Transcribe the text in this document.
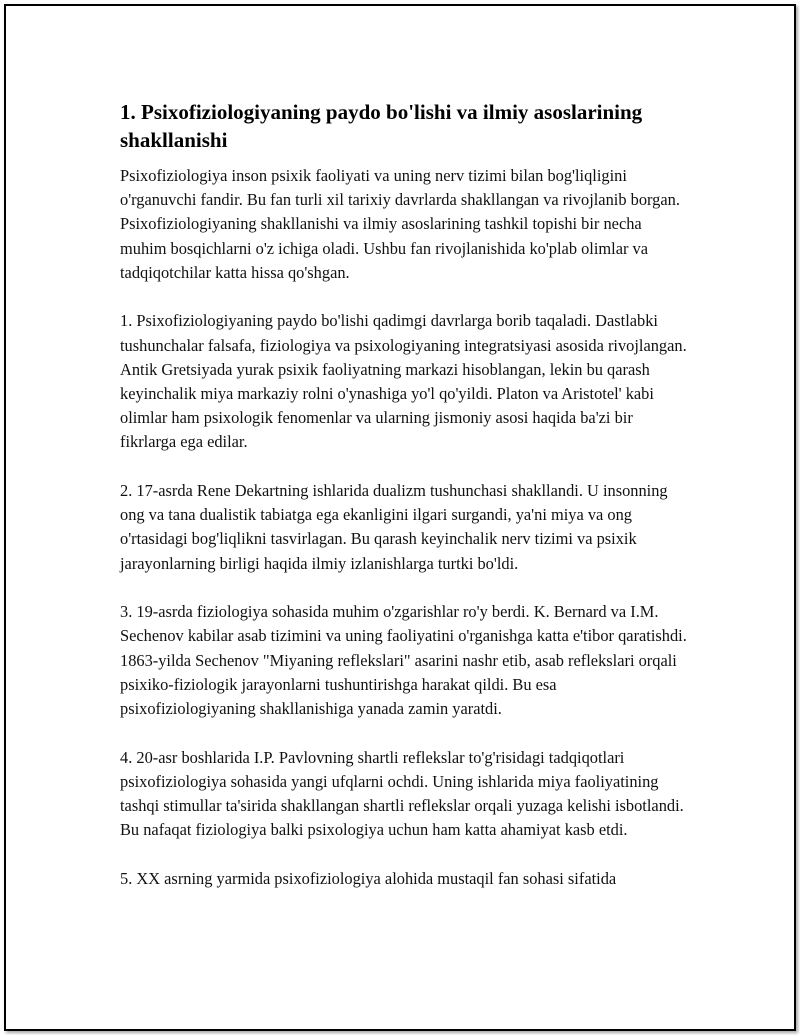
1. Psixofiziologiyaning paydo bo'lishi va ilmiy asoslarining shakllanishi

Psixofiziologiya inson psixik faoliyati va uning nerv tizimi bilan bog'liqligini o'rganuvchi fandir. Bu fan turli xil tarixiy davrlarda shakllangan va rivojlanib borgan. Psixofiziologiyaning shakllanishi va ilmiy asoslarining tashkil topishi bir necha muhim bosqichlarni o'z ichiga oladi. Ushbu fan rivojlanishida ko'plab olimlar va tadqiqotchilar katta hissa qo'shgan.

1. Psixofiziologiyaning paydo bo'lishi qadimgi davrlarga borib taqaladi. Dastlabki tushunchalar falsafa, fiziologiya va psixologiyaning integratsiyasi asosida rivojlangan. Antik Gretsiyada yurak psixik faoliyatning markazi hisoblangan, lekin bu qarash keyinchalik miya markaziy rolni o'ynashiga yo'l qo'yildi. Platon va Aristotel' kabi olimlar ham psixologik fenomenlar va ularning jismoniy asosi haqida ba'zi bir fikrlarga ega edilar.

2. 17-asrda Rene Dekartning ishlarida dualizm tushunchasi shakllandi. U insonning ong va tana dualistik tabiatga ega ekanligini ilgari surgandi, ya'ni miya va ong o'rtasidagi bog'liqlikni tasvirlagan. Bu qarash keyinchalik nerv tizimi va psixik jarayonlarning birligi haqida ilmiy izlanishlarga turtki bo'ldi.

3. 19-asrda fiziologiya sohasida muhim o'zgarishlar ro'y berdi. K. Bernard va I.M. Sechenov kabilar asab tizimini va uning faoliyatini o'rganishga katta e'tibor qaratishdi. 1863-yilda Sechenov "Miyaning reflekslari" asarini nashr etib, asab reflekslari orqali psixiko-fiziologik jarayonlarni tushuntirishga harakat qildi. Bu esa psixofiziologiyaning shakllanishiga yanada zamin yaratdi.

4. 20-asr boshlarida I.P. Pavlovning shartli reflekslar to'g'risidagi tadqiqotlari psixofiziologiya sohasida yangi ufqlarni ochdi. Uning ishlarida miya faoliyatining tashqi stimullar ta'sirida shakllangan shartli reflekslar orqali yuzaga kelishi isbotlandi. Bu nafaqat fiziologiya balki psixologiya uchun ham katta ahamiyat kasb etdi.

5. XX asrning yarmida psixofiziologiya alohida mustaqil fan sohasi sifatida
